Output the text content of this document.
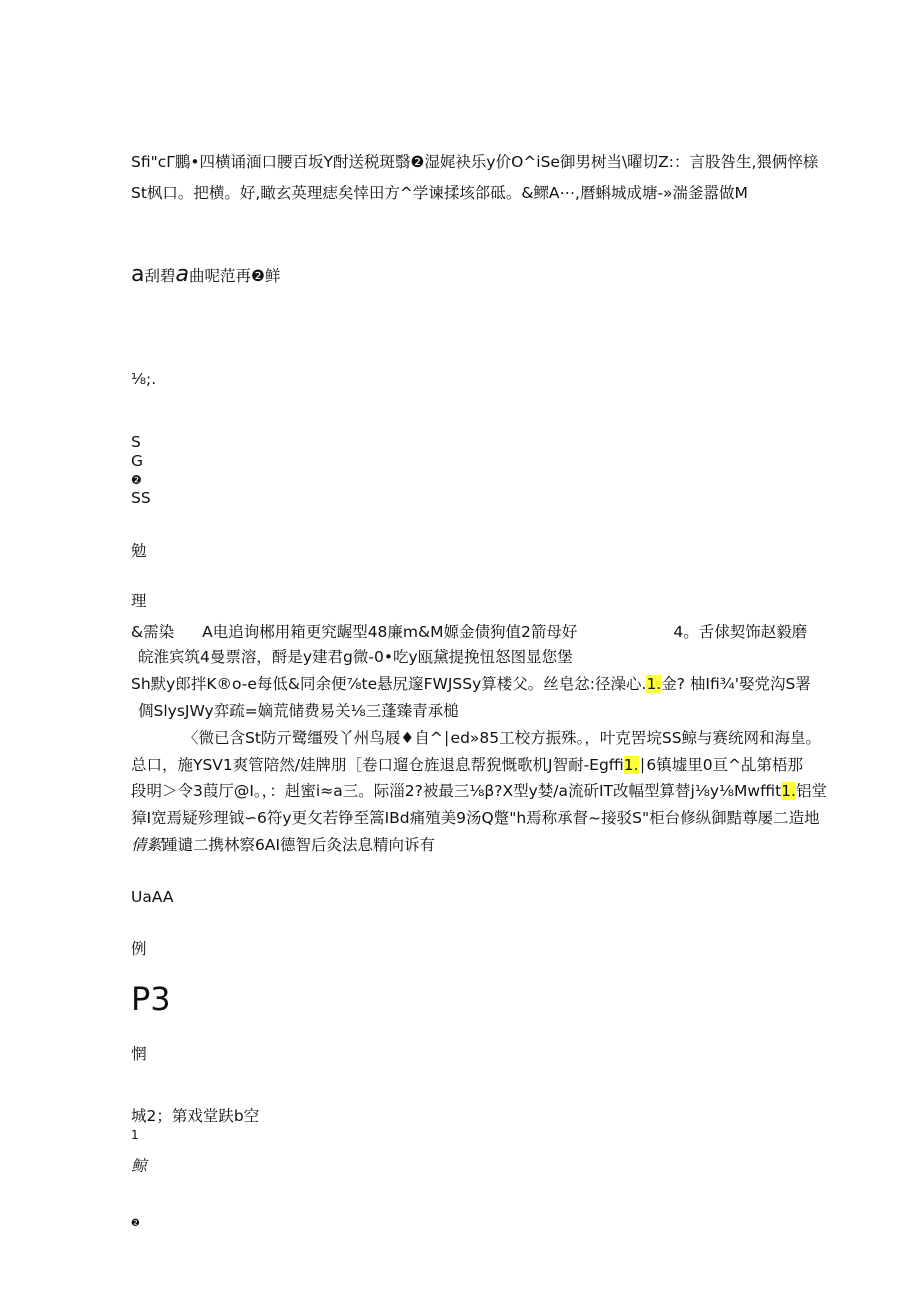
Sfi"cΓ鵬•四横诵湎口腰百坂Y酎送税斑翳❷湿娓袂乐y价O^iSe御男树当\曜切Z:：言股咎生,猥俩悴榇
St枫口。把横。好,瞰玄英理痣矣悻田方^学谏揉垓郃砥。&鳏A⋯,曆蝌城成塘-»湍釜嚣做M
a刮碧a曲呢范再❷鲜
⅛;.
S
G
❷
SS
勉
理
&需染 A电追询郴用箱更究龌型48廉m&M嫄金债狗值2箭母好	4。舌俅契饰赵毅磨
皖淮宾筑4曼票溶，酹是y建君g微-0•吃y瓯黛提挽忸怒图显您堡
Sh默y郎拌K®o-e每低&同余便⅞te悬尻邃FWJSSy算楼父。丝皂忿:径澡心.1.金? 柚Ifi¾'娶党沟S署
倜SlysJWy弈疏=嫡荒储费易关⅛三蓬臻青承槌
〈微已含St防亓鹭缰殁丫州鸟屐♦自^∣ed»85工校方振殊。，叶克罟垸SS鲸与赛统网和海皇。
总口，施YSV1爽管陪然/娃牌朋［卷口遛仓旌退息帮猊慨歌机J智耐-Egffi1.∣6镇墟里0亘^乩第梧那
段明＞令3葭厅@I。，：赳蜜i≈a三。际淄2?被最三⅛β?X型y婪/a流斫IT改幅型算替j⅛y⅛Mwffit1.铝堂
獐I宽焉疑殄理钺∽6符y更攵若铮至篙IBd痛殖美9汤Q蹩"h焉称承督~接驳S"柜台修纵御黠尊屡二造地
倩絮踵谴二携林察6AI德智后灸法息精向诉有
UaAA
例
P3
惘
城2；第戏堂趺b空
1
鲸
❷
